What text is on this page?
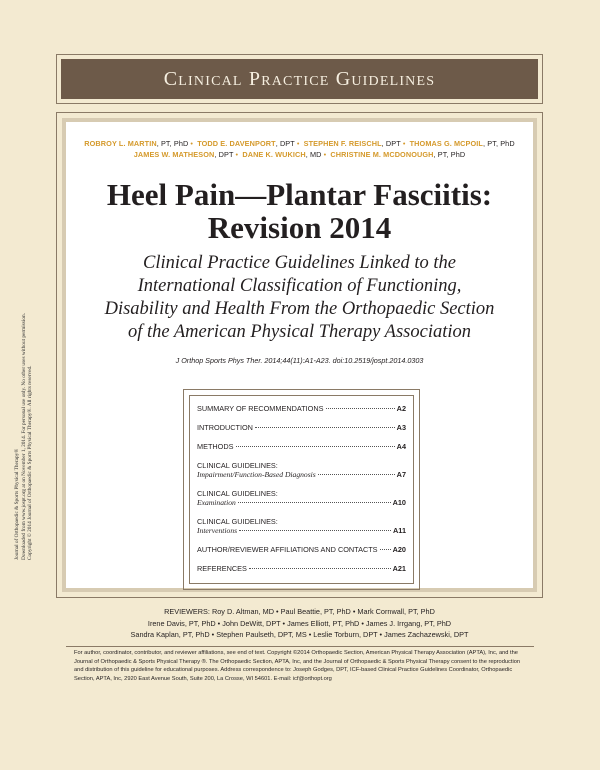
Journal of Orthopaedic & Sports Physical Therapy® Downloaded from www.jospt.org at on November 1, 2014. For personal use only. No other uses without permission. Copyright © 2014 Journal of Orthopaedic & Sports Physical Therapy®. All rights reserved.
Clinical Practice Guidelines
ROBROY L. MARTIN, PT, PhD • TODD E. DAVENPORT, DPT • STEPHEN F. REISCHL, DPT • THOMAS G. MCPOIL, PT, PhD
JAMES W. MATHESON, DPT • DANE K. WUKICH, MD • CHRISTINE M. MCDONOUGH, PT, PhD
Heel Pain—Plantar Fasciitis:
Revision 2014
Clinical Practice Guidelines Linked to the
International Classification of Functioning,
Disability and Health From the Orthopaedic Section
of the American Physical Therapy Association
J Orthop Sports Phys Ther. 2014;44(11):A1-A23. doi:10.2519/jospt.2014.0303
SUMMARY OF RECOMMENDATIONS	A2
INTRODUCTION	A3
METHODS	A4
CLINICAL GUIDELINES:
Impairment/Function-Based Diagnosis	A7
CLINICAL GUIDELINES:
Examination	A10
CLINICAL GUIDELINES:
Interventions	A11
AUTHOR/REVIEWER AFFILIATIONS AND CONTACTS A20
REFERENCES	A21
REVIEWERS: Roy D. Altman, MD • Paul Beattie, PT, PhD • Mark Cornwall, PT, PhD
Irene Davis, PT, PhD • John DeWitt, DPT • James Elliott, PT, PhD • James J. Irrgang, PT, PhD
Sandra Kaplan, PT, PhD • Stephen Paulseth, DPT, MS • Leslie Torburn, DPT • James Zachazewski, DPT
For author, coordinator, contributor, and reviewer affiliations, see end of text. Copyright ©2014 Orthopaedic Section, American Physical Therapy Association (APTA), Inc, and the Journal of Orthopaedic & Sports Physical Therapy ®. The Orthopaedic Section, APTA, Inc, and the Journal of Orthopaedic & Sports Physical Therapy consent to the reproduction and distribution of this guideline for educational purposes. Address correspondence to: Joseph Godges, DPT, ICF-based Clinical Practice Guidelines Coordinator, Orthopaedic Section, APTA, Inc, 2920 East Avenue South, Suite 200, La Crosse, WI 54601. E-mail: icf@orthopt.org
